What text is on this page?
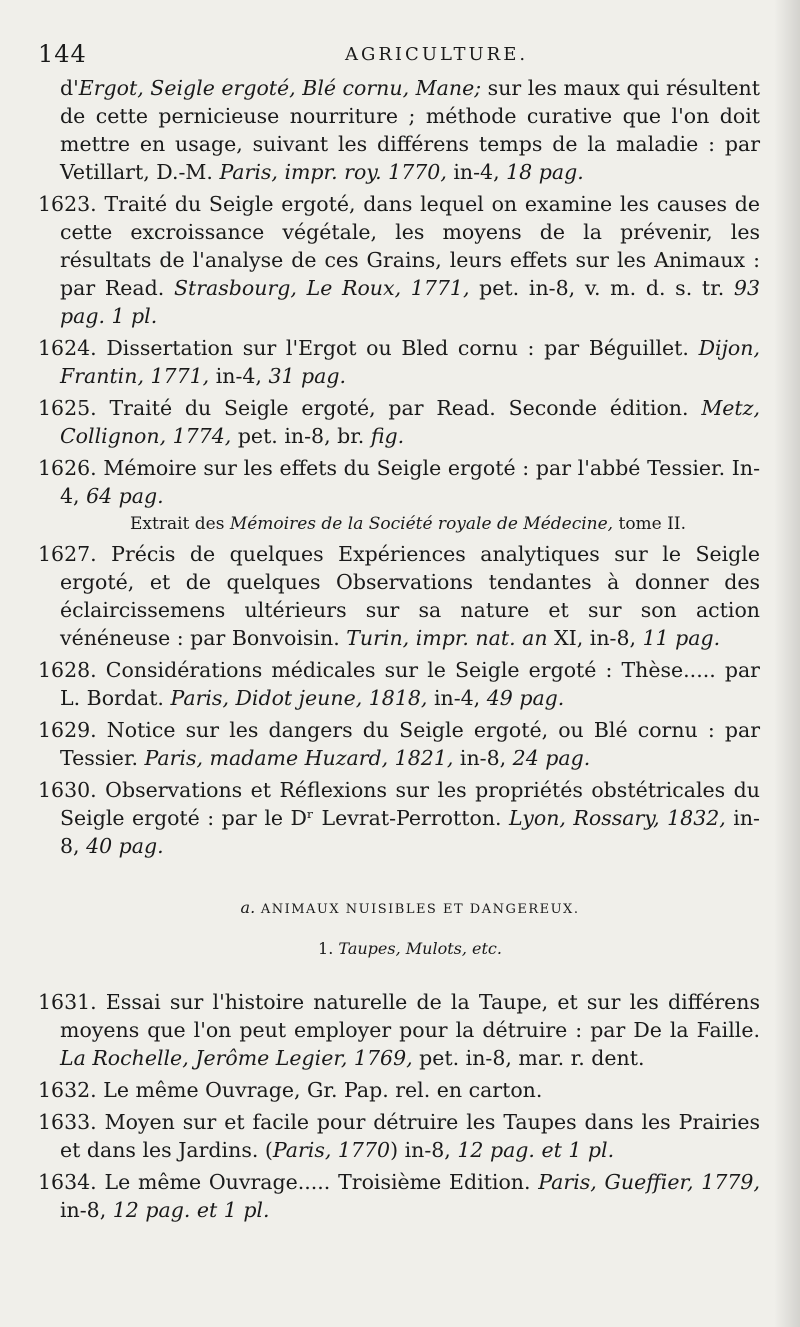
144	AGRICULTURE.
d'Ergot, Seigle ergoté, Blé cornu, Mane; sur les maux qui résultent de cette pernicieuse nourriture ; méthode curative que l'on doit mettre en usage, suivant les différens temps de la maladie : par Vetillart, D.-M. Paris, impr. roy. 1770, in-4, 18 pag.
1623. Traité du Seigle ergoté, dans lequel on examine les causes de cette excroissance végétale, les moyens de la prévenir, les résultats de l'analyse de ces Grains, leurs effets sur les Animaux : par Read. Strasbourg, Le Roux, 1771, pet. in-8, v. m. d. s. tr. 93 pag. 1 pl.
1624. Dissertation sur l'Ergot ou Bled cornu : par Béguillet. Dijon, Frantin, 1771, in-4, 31 pag.
1625. Traité du Seigle ergoté, par Read. Seconde édition. Metz, Collignon, 1774, pet. in-8, br. fig.
1626. Mémoire sur les effets du Seigle ergoté : par l'abbé Tessier. In-4, 64 pag.
Extrait des Mémoires de la Société royale de Médecine, tome II.
1627. Précis de quelques Expériences analytiques sur le Seigle ergoté, et de quelques Observations tendantes à donner des éclaircissemens ultérieurs sur sa nature et sur son action vénéneuse : par Bonvoisin. Turin, impr. nat. an XI, in-8, 11 pag.
1628. Considérations médicales sur le Seigle ergoté : Thèse..... par L. Bordat. Paris, Didot jeune, 1818, in-4, 49 pag.
1629. Notice sur les dangers du Seigle ergoté, ou Blé cornu : par Tessier. Paris, madame Huzard, 1821, in-8, 24 pag.
1630. Observations et Réflexions sur les propriétés obstétricales du Seigle ergoté : par le Dʳ Levrat-Perrotton. Lyon, Rossary, 1832, in-8, 40 pag.
a. ANIMAUX NUISIBLES ET DANGEREUX.
1. Taupes, Mulots, etc.
1631. Essai sur l'histoire naturelle de la Taupe, et sur les différens moyens que l'on peut employer pour la détruire : par De la Faille. La Rochelle, Jerôme Legier, 1769, pet. in-8, mar. r. dent.
1632. Le même Ouvrage, Gr. Pap. rel. en carton.
1633. Moyen sur et facile pour détruire les Taupes dans les Prairies et dans les Jardins. (Paris, 1770) in-8, 12 pag. et 1 pl.
1634. Le même Ouvrage..... Troisième Edition. Paris, Gueffier, 1779, in-8, 12 pag. et 1 pl.
